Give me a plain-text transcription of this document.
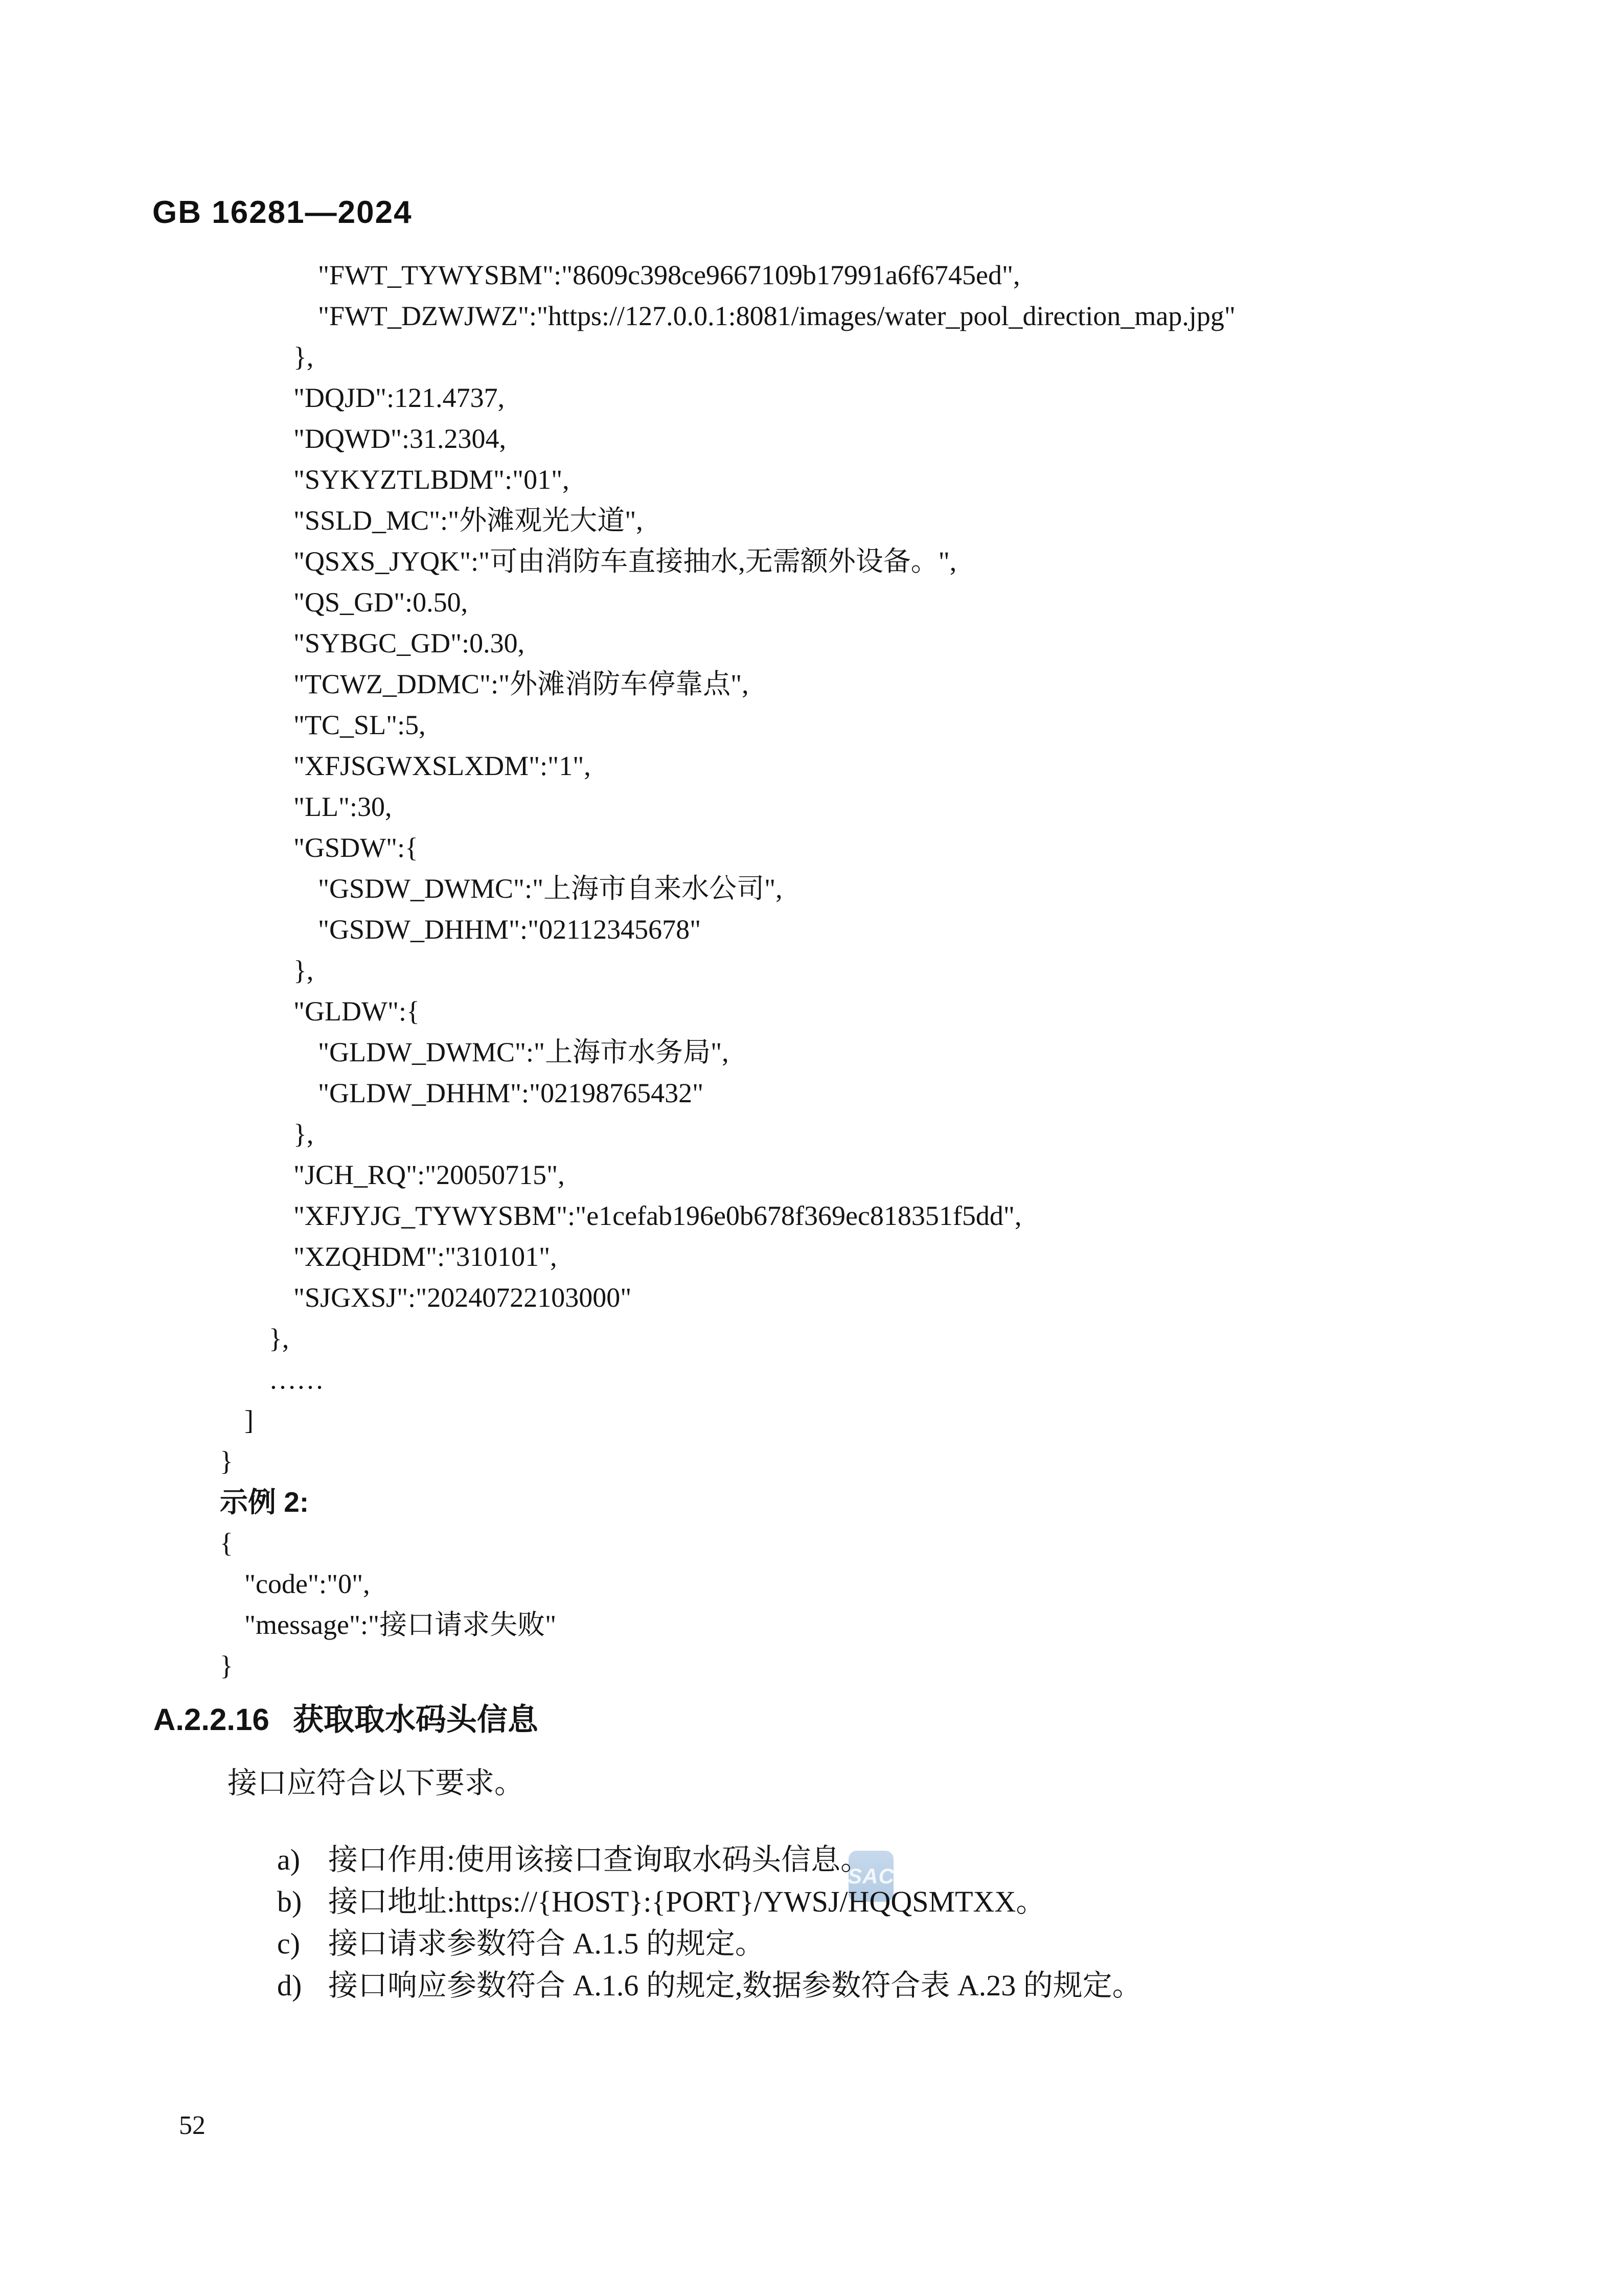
GB 16281—2024
"FWT_TYWYSBM":"8609c398ce9667109b17991a6f6745ed",
"FWT_DZWJWZ":"https://127.0.0.1:8081/images/water_pool_direction_map.jpg"
},
"DQJD":121.4737,
"DQWD":31.2304,
"SYKYZTLBDM":"01",
"SSLD_MC":"外滩观光大道",
"QSXS_JYQK":"可由消防车直接抽水,无需额外设备。",
"QS_GD":0.50,
"SYBGC_GD":0.30,
"TCWZ_DDMC":"外滩消防车停靠点",
"TC_SL":5,
"XFJSGWXSLXDM":"1",
"LL":30,
"GSDW":{
"GSDW_DWMC":"上海市自来水公司",
"GSDW_DHHM":"02112345678"
},
"GLDW":{
"GLDW_DWMC":"上海市水务局",
"GLDW_DHHM":"02198765432"
},
"JCH_RQ":"20050715",
"XFJYJG_TYWYSBM":"e1cefab196e0b678f369ec818351f5dd",
"XZQHDM":"310101",
"SJGXSJ":"20240722103000"
},
……
]
}
示例 2:
{
"code":"0",
"message":"接口请求失败"
}
A.2.2.16 获取取水码头信息
接口应符合以下要求。

a) 接口作用:使用该接口查询取水码头信息。

b) 接口地址:https://{HOST}:{PORT}/YWSJ/HQQSMTXX。

c) 接口请求参数符合 A.1.5 的规定。

d) 接口响应参数符合 A.1.6 的规定,数据参数符合表 A.23 的规定。

SAC
52
